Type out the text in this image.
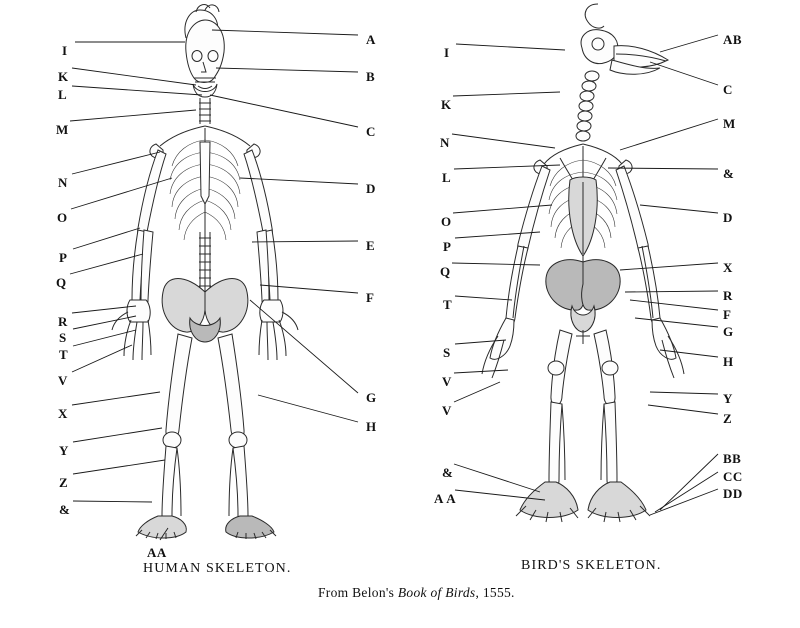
I
K
L
M
N
O
P
Q
R
S
T
V
X
Y
Z
&
A
B
C
D
E
F
G
H
AA
I
K
N
L
O
P
Q
T
S
V
V
&
A A
AB
C
M
&
D
X
R
F
G
H
Y
Z
BB
CC
DD
HUMAN SKELETON.	BIRD'S SKELETON.
From Belon's Book of Birds, 1555.
